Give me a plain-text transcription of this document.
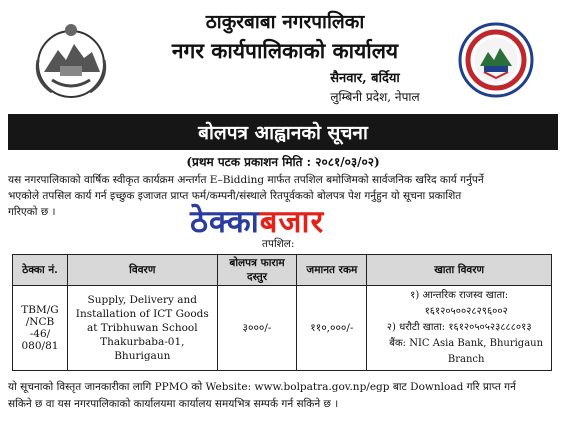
ठाकुरबाबा नगरपालिका
नगर कार्यपालिकाको कार्यालय
सैनवार, बर्दिया
लुम्बिनी प्रदेश, नेपाल
बोलपत्र आह्वानको सूचना
(प्रथम पटक प्रकाशन मिति : २०८१/०३/०२)
यस नगरपालिकाको वार्षिक स्वीकृत कार्यक्रम अन्तर्गत E–Bidding मार्फत तपशिल बमोजिमको सार्वजनिक खरिद कार्य गर्नुपर्ने
भएकोले तपसिल कार्य गर्न इच्छुक इजाजत प्राप्त फर्म/कम्पनी/संस्थाले रितपूर्वकको बोलपत्र पेश गर्नुहुन यो सूचना प्रकाशित
गरिएको छ ।	ठेक्काबजार
तपशिल:
ठेक्का नं.	विवरण	बोलपत्र फाराम दस्तुर	जमानत रकम	खाता विवरण
TBM/G /NCB -46/ 080/81	Supply, Delivery and Installation of ICT Goods at Tribhuwan School Thakurbaba-01, Bhurigaun	३०००/-	११०,०००/-	१) आन्तरिक राजस्व खाता:
१६१२०५००२८२९६००२
२) धरौटी खाता: १६१२०५०५२३८८८०१३
बैंक: NIC Asia Bank, Bhurigaun Branch
यो सूचनाको विस्तृत जानकारीका लागि PPMO को Website: www.bolpatra.gov.np/egp बाट Download गरि प्राप्त गर्न
सकिने छ वा यस नगरपालिकाको कार्यालयमा कार्यालय समयभित्र सम्पर्क गर्न सकिने छ ।
